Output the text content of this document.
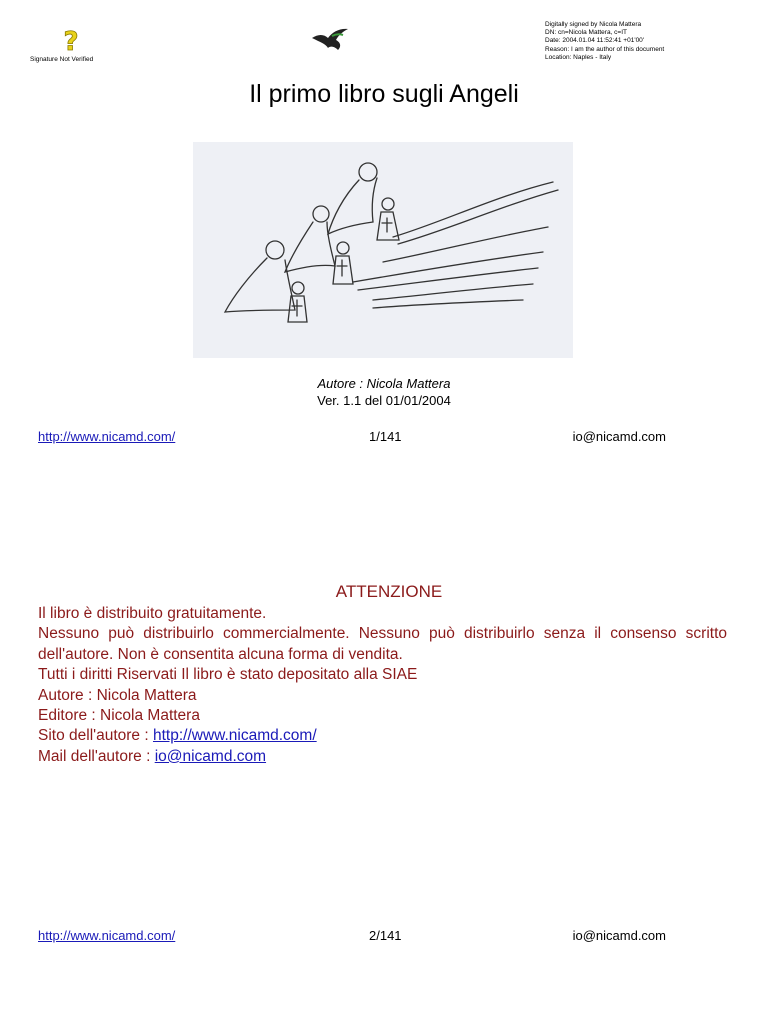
?
Signature Not Verified
Digitally signed by Nicola Mattera
DN: cn=Nicola Mattera, c=IT
Date: 2004.01.04 11:52:41 +01'00'
Reason: I am the author of this document
Location: Naples - Italy
Il primo libro sugli Angeli
Autore : Nicola Mattera
Ver. 1.1 del 01/01/2004
http://www.nicamd.com/	1/141	io@nicamd.com
ATTENZIONE

Il libro è distribuito gratuitamente.

Nessuno può distribuirlo commercialmente. Nessuno può distribuirlo senza il consenso scritto dell'autore. Non è consentita alcuna forma di vendita.

Tutti i diritti Riservati Il libro è stato depositato alla SIAE

Autore : Nicola Mattera

Editore : Nicola Mattera

Sito dell'autore : http://www.nicamd.com/

Mail dell'autore : io@nicamd.com

http://www.nicamd.com/	2/141	io@nicamd.com
